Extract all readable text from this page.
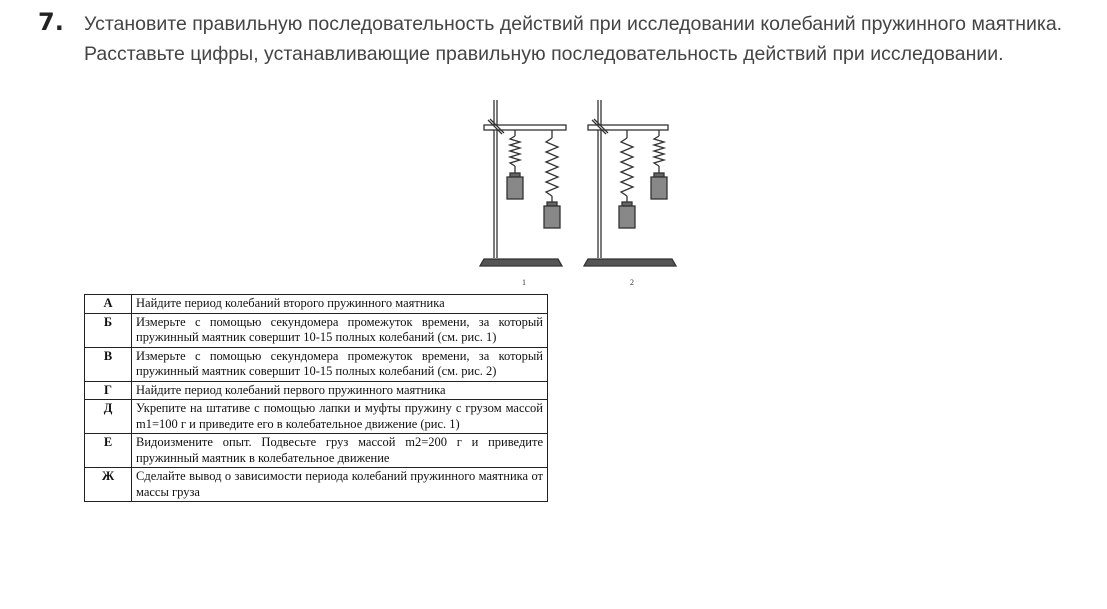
7. Установите правильную последовательность действий при исследовании колебаний пружинного маятника. Расставьте цифры, устанавливающие правильную последовательность действий при исследовании.
1	2
А	Найдите период колебаний второго пружинного маятника
Б	Измерьте с помощью секундомера промежуток времени, за который пружинный маятник совершит 10-15 полных колебаний (см. рис. 1)
В	Измерьте с помощью секундомера промежуток времени, за который пружинный маятник совершит 10-15 полных колебаний (см. рис. 2)
Г	Найдите период колебаний первого пружинного маятника
Д	Укрепите на штативе с помощью лапки и муфты пружину с грузом массой m1=100 г и приведите его в колебательное движение (рис. 1)
Е	Видоизмените опыт. Подвесьте груз массой m2=200 г и приведите пружинный маятник в колебательное движение
Ж	Сделайте вывод о зависимости периода колебаний пружинного маятника от массы груза
